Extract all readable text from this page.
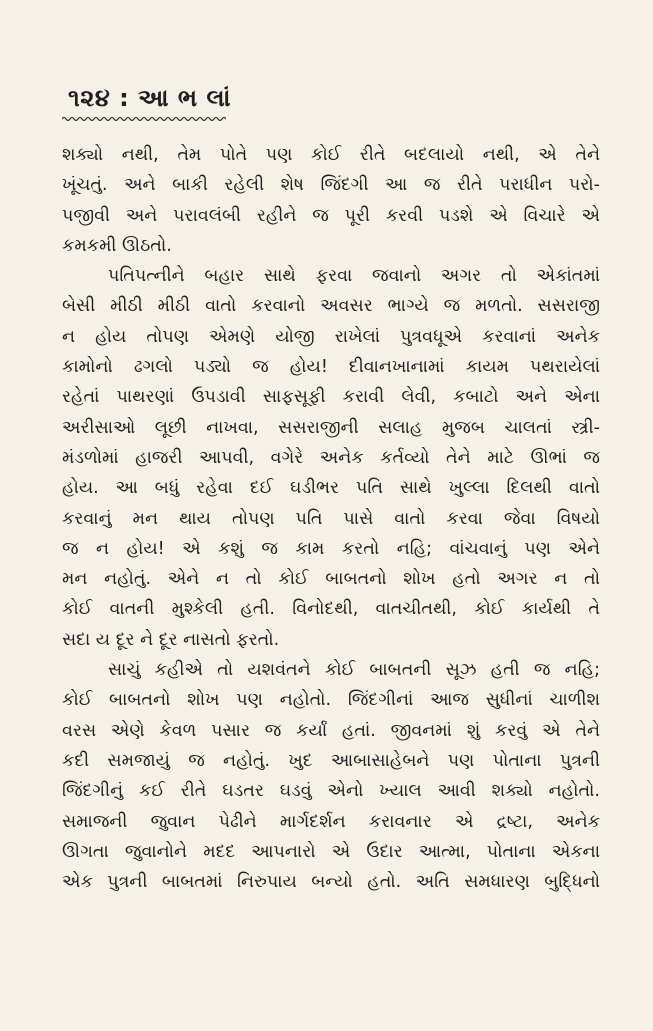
૧૨૪ : આ ભ લાં

શક્યો નથી, તેમ પોતે પણ કોઈ રીતે બદલાયો નથી, એ તેને
ખૂંચતું. અને બાકી રહેલી શેષ જિંદગી આ જ રીતે પરાધીન પરો-
પજીવી અને પરાવલંબી રહીને જ પૂરી કરવી પડશે એ વિચારે એ
કમકમી ઊઠતો.

પતિપત્નીને બહાર સાથે ફરવા જવાનો અગર તો એકાંતમાં
બેસી મીઠી મીઠી વાતો કરવાનો અવસર ભાગ્યે જ મળતો. સસરાજી
ન હોય તોપણ એમણે યોજી રાખેલાં પુત્રવધૂએ કરવાનાં અનેક
કામોનો ઢગલો પડ્યો જ હોય! દીવાનખાનામાં કાયમ પથરાયેલાં
રહેતાં પાથરણાં ઉપડાવી સાફસૂફી કરાવી લેવી, કબાટો અને એના
અરીસાઓ લૂછી નાખવા, સસરાજીની સલાહ મુજબ ચાલતાં સ્ત્રી-
મંડળોમાં હાજરી આપવી, વગેરે અનેક કર્તવ્યો તેને માટે ઊભાં જ
હોય. આ બધું રહેવા દઈ ઘડીભર પતિ સાથે ખુલ્લા દિલથી વાતો
કરવાનું મન થાય તોપણ પતિ પાસે વાતો કરવા જેવા વિષયો
જ ન હોય! એ કશું જ કામ કરતો નહિ; વાંચવાનું પણ એને
મન નહોતું. એને ન તો કોઈ બાબતનો શોખ હતો અગર ન તો
કોઈ વાતની મુશ્કેલી હતી. વિનોદથી, વાતચીતથી, કોઈ કાર્યથી તે
સદા ય દૂર ને દૂર નાસતો ફરતો.

સાચું કહીએ તો યશવંતને કોઈ બાબતની સૂઝ હતી જ નહિ;
કોઈ બાબતનો શોખ પણ નહોતો. જિંદગીનાં આજ સુધીનાં ચાળીશ
વરસ એણે કેવળ પસાર જ કર્યાં હતાં. જીવનમાં શું કરવું એ તેને
કદી સમજાયું જ નહોતું. ખુદ આબાસાહેબને પણ પોતાના પુત્રની
જિંદગીનું કઈ રીતે ઘડતર ઘડવું એનો ખ્યાલ આવી શક્યો નહોતો.
સમાજની જુવાન પેઢીને માર્ગદર્શન કરાવનાર એ દ્રષ્ટા, અનેક
ઊગતા જુવાનોને મદદ આપનારો એ ઉદાર આત્મા, પોતાના એકના
એક પુત્રની બાબતમાં નિરુપાય બન્યો હતો. અતિ સમધારણ બુદ્ધિનો
